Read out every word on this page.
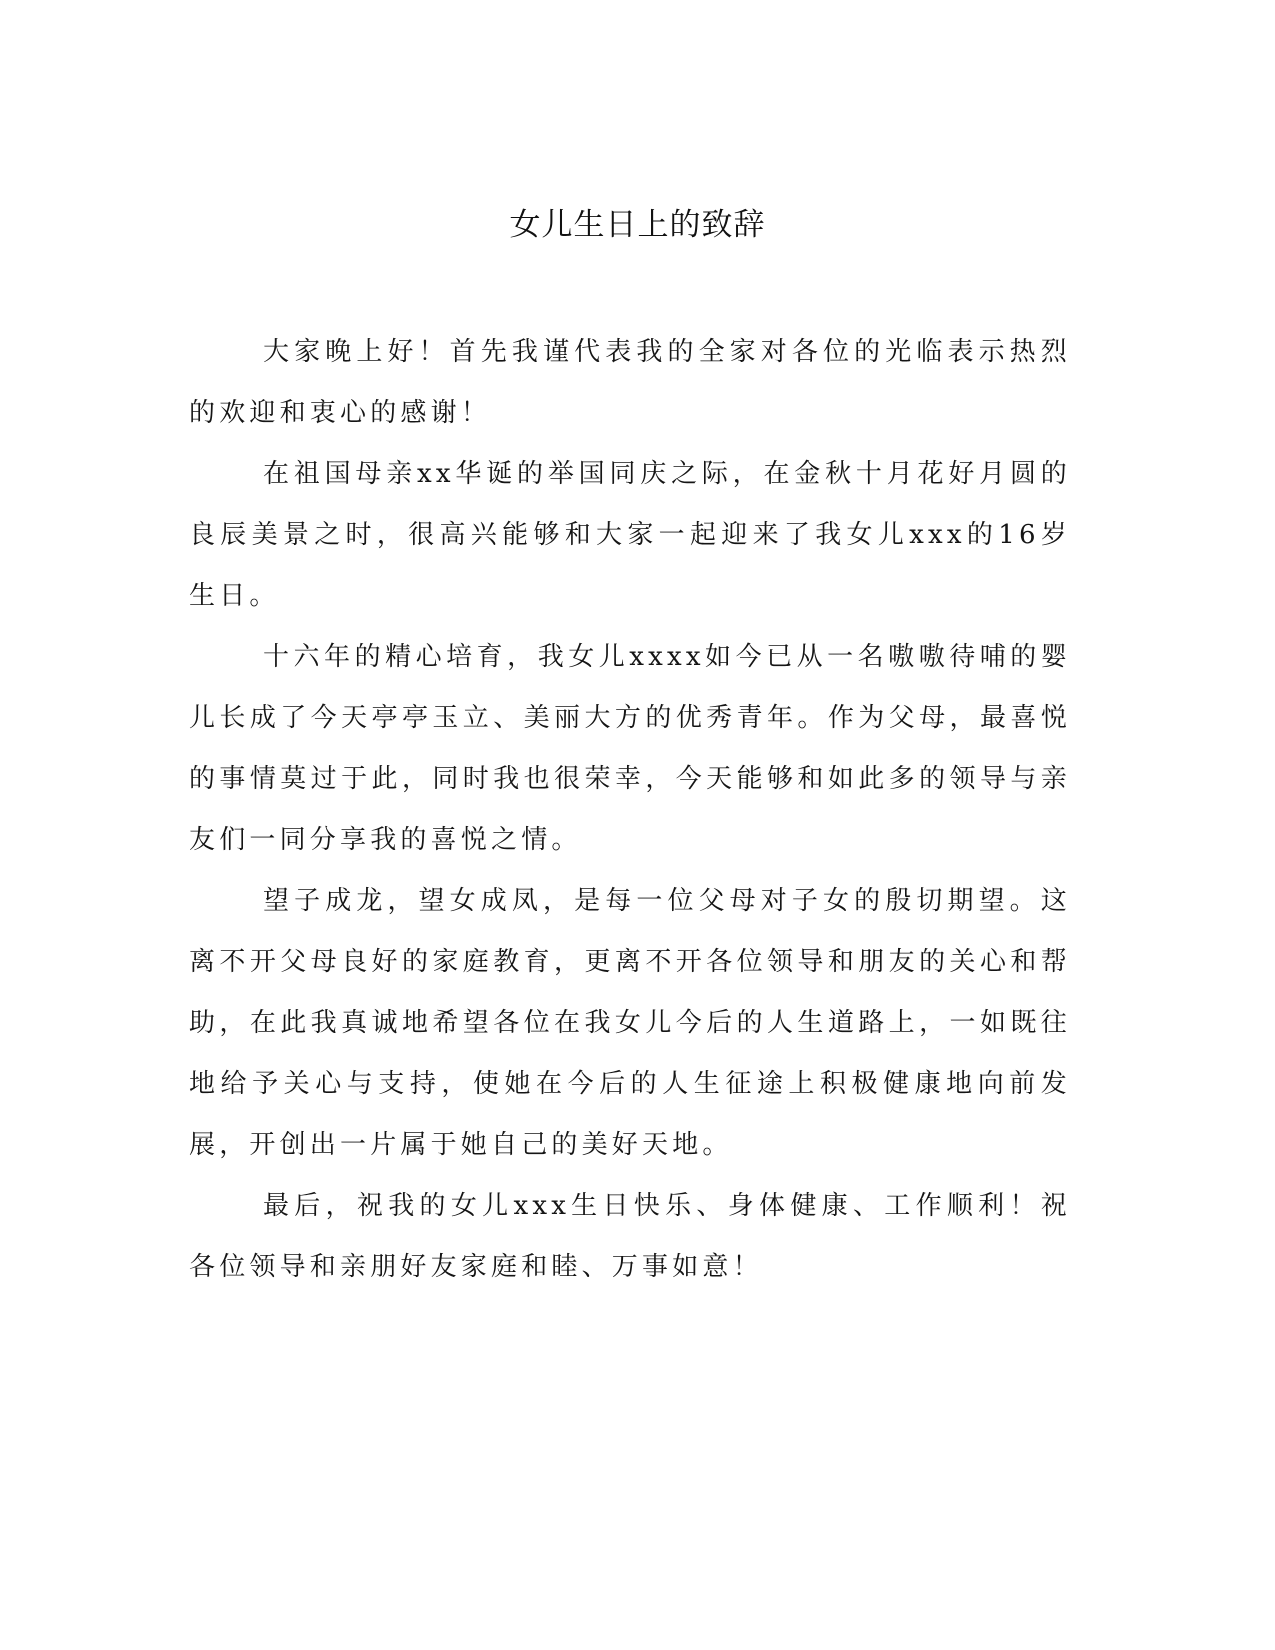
女儿生日上的致辞

大家晚上好！首先我谨代表我的全家对各位的光临表示热烈的欢迎和衷心的感谢！

在祖国母亲xx华诞的举国同庆之际，在金秋十月花好月圆的良辰美景之时，很高兴能够和大家一起迎来了我女儿xxx的16岁生日。

十六年的精心培育，我女儿xxxx如今已从一名嗷嗷待哺的婴儿长成了今天亭亭玉立、美丽大方的优秀青年。作为父母，最喜悦的事情莫过于此，同时我也很荣幸，今天能够和如此多的领导与亲友们一同分享我的喜悦之情。

望子成龙，望女成凤，是每一位父母对子女的殷切期望。这离不开父母良好的家庭教育，更离不开各位领导和朋友的关心和帮助，在此我真诚地希望各位在我女儿今后的人生道路上，一如既往地给予关心与支持，使她在今后的人生征途上积极健康地向前发展，开创出一片属于她自己的美好天地。

最后，祝我的女儿xxx生日快乐、身体健康、工作顺利！祝各位领导和亲朋好友家庭和睦、万事如意！
